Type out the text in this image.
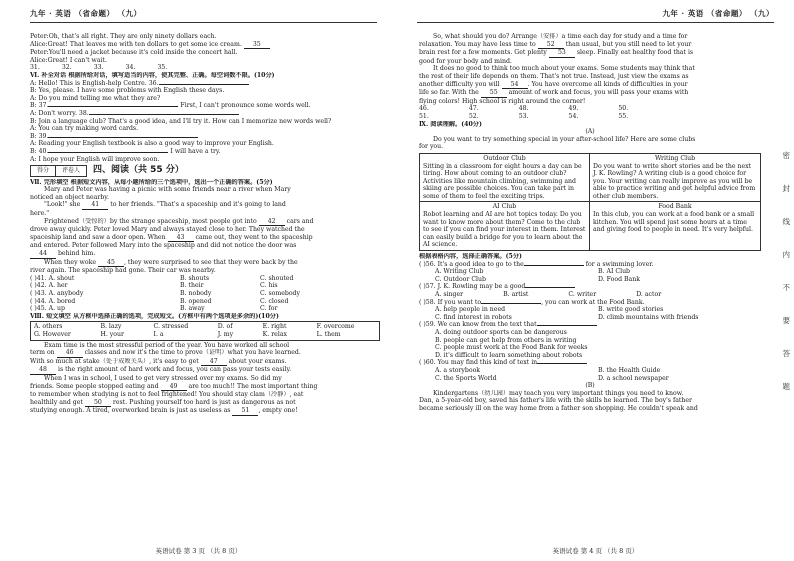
九年 · 英语 （省命题） （九）
Peter:Oh, that's all right. They are only ninety dollars each.
Alice:Great! That leaves me with ten dollars to get some ice cream. 35
Peter:You'll need a jacket because it's cold inside the concert hall.
Alice:Great! I can't wait.
31.	32.	33.	34.	35.
Ⅵ. 补全对话 根据所给对话，填写适当的内容，使其完整、正确。每空词数不限。(10分)
A: Hello! This is English-help Centre. 36.
B: Yes, please. I have some problems with English these days.
A: Do you mind telling me what they are?
B: 37.	First, I can't pronounce some words well.
A: Don't worry. 38.
B: Join a language club? That's a good idea, and I'll try it. How can I memorize new words well?
A: You can try making word cards.
B: 39.
A: Reading your English textbook is also a good way to improve your English.
B: 40.	I will have a try.
A: I hope your English will improve soon.
得分	评卷人	四、阅读（共 55 分）
Ⅶ. 完形填空 根据短文内容，从每小题所给的三个选项中，选出一个正确的答案。(5分)
Mary and Peter was having a picnic with some friends near a river when Mary
noticed an object nearby.
"Look!" she 41 to her friends. "That's a spaceship and it's going to land
here."
Frightened（受惊的）by the strange spaceship, most people got into 42 cars and
drove away quickly. Peter loved Mary and always stayed close to her. They watched the
spaceship land and saw a door open. When 43 came out, they went to the spaceship
and entered. Peter followed Mary into the spaceship and did not notice the door was
44 behind him.
When they woke 45 , they were surprised to see that they were back by the
river again. The spaceship had gone. Their car was nearby.
( )41. A. shout	B. shouts	C. shouted
( )42. A. her	B. their	C. his
( )43. A. anybody	B. nobody	C. somebody
( )44. A. bored	B. opened	C. closed
( )45. A. up	B. away	C. for
Ⅷ. 短文填空 从方框中选择正确的选项，完成短文。(方框中有两个选项是多余的)(10分)
A. others	B. lazy	C. stressed	D. of	E. right	F. overcome
G. However	H. your	I. a	J. my	K. relax	L. them
Exam time is the most stressful period of the year. You have worked all school
term on 46 classes and now it's the time to prove（证明）what you have learned.
With so much at stake（处于成败关头）, it's easy to get 47 about your exams.
48 is the right amount of hard work and focus, you can pass your tests easily.
When I was in school, I used to get very stressed over my exams. So did my
friends. Some people stopped eating and 49 are too much!! The most important thing
to remember when studying is not to feel frightened! You should stay clam（冷静）, eat
healthily and get 50 rest. Pushing yourself too hard is just as dangerous as not
studying enough. A tired, overworked brain is just as useless as 51 , empty one!
英语试卷 第 3 页 （共 8 页）
九年 · 英语 （省命题） （九）
So, what should you do? Arrange（安排）a time each day for study and a time for
relaxation. You may have less time to 52 than usual, but you still need to let your
brain rest for a few moments. Get plenty 53 sleep. Finally eat healthy food that is
good for your body and mind.
It does no good to think too much about your exams. Some students may think that
the rest of their life depends on them. That's not true. Instead, just view the exams as
another difficulty you will 54 . You have overcome all kinds of difficulties in your
life so far. With the 55 amount of work and focus, you will pass your exams with
flying colors! High school is right around the corner!
46.	47.	48.	49.	50.
51.	52.	53.	54.	55.
Ⅸ. 阅读理解。(40分)
(A)
Do you want to try something special in your after-school life? Here are some clubs
for you.
Outdoor Club
Sitting in a classroom for eight hours a day can be tiring. How about coming to an outdoor club? Activities like mountain climbing, swimming and skiing are possible choices. You can take part in some of them to feel the exciting trips.
Writing Club
Do you want to write short stories and be the next J. K. Rowling? A writing club is a good choice for you. Your writing can really improve as you will be able to practice writing and get helpful advice from other club members.
AI Club
Robot learning and AI are hot topics today. Do you want to know more about them? Come to the club to see if you can find your interest in them. Interest can easily build a bridge for you to learn about the AI science.
Food Bank
In this club, you can work at a food bank or a small kitchen. You will spend just some hours at a time and giving food to people in need. It's very helpful.
根据表格内容，选择正确答案。(5分)
( )56. It's a good idea to go to the	for a swimming lover.
A. Writing Club	B. AI Club
C. Outdoor Club	D. Food Bank
( )57. J. K. Rowling may be a good
A. singer	B. artist	C. writer	D. actor
( )58. If you want to	, you can work at the Food Bank.
A. help people in need	B. write good stories
C. find interest in robots	D. climb mountains with friends
( )59. We can know from the text that
A. doing outdoor sports can be dangerous
B. people can get help from others in writing
C. people must work at the Food Bank for weeks
D. it's difficult to learn something about robots
( )60. You may find this kind of text in
A. a storybook	B. the Health Guide
C. the Sports World	D. a school newspaper
(B)
Kindergartens（幼儿园）may teach you very important things you need to know.
Dan, a 5-year-old boy, saved his father's life with the skills he learned. The boy's father
became seriously ill on the way home from a father son shopping. He couldn't speak and
密
封
线
内
不
要
答
题
英语试卷 第 4 页 （共 8 页）
